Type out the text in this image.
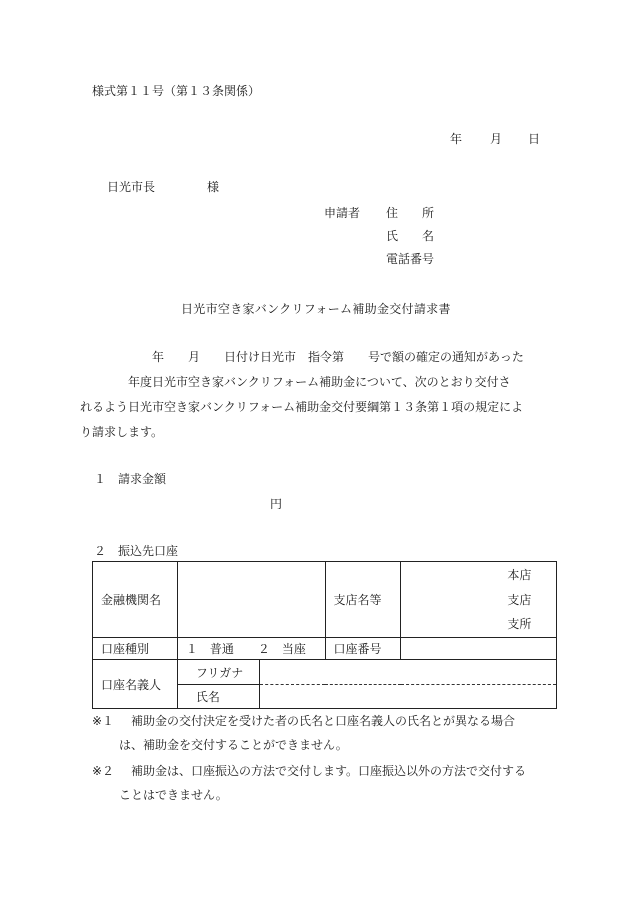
様式第１１号（第１３条関係）
年 月 日
日光市長	様
申請者 住　　所
氏　　名
電話番号
日光市空き家バンクリフォーム補助金交付請求書
　　年　　月　　日付け日光市　指令第　　号で額の確定の通知があった
　　　年度日光市空き家バンクリフォーム補助金について、次のとおり交付さ
れるよう日光市空き家バンクリフォーム補助金交付要綱第１３条第１項の規定によ
り請求します。
１　請求金額
円
２　振込先口座
金融機関名			支店名等	本店
支店
支所

口座種別	１　普通　　２　当座		口座番号	
口座名義人	フリガナ			
	氏名			
※１ 補助金の交付決定を受けた者の氏名と口座名義人の氏名とが異なる場合
は、補助金を交付することができません。
※２ 補助金は、口座振込の方法で交付します。口座振込以外の方法で交付する
ことはできません。
